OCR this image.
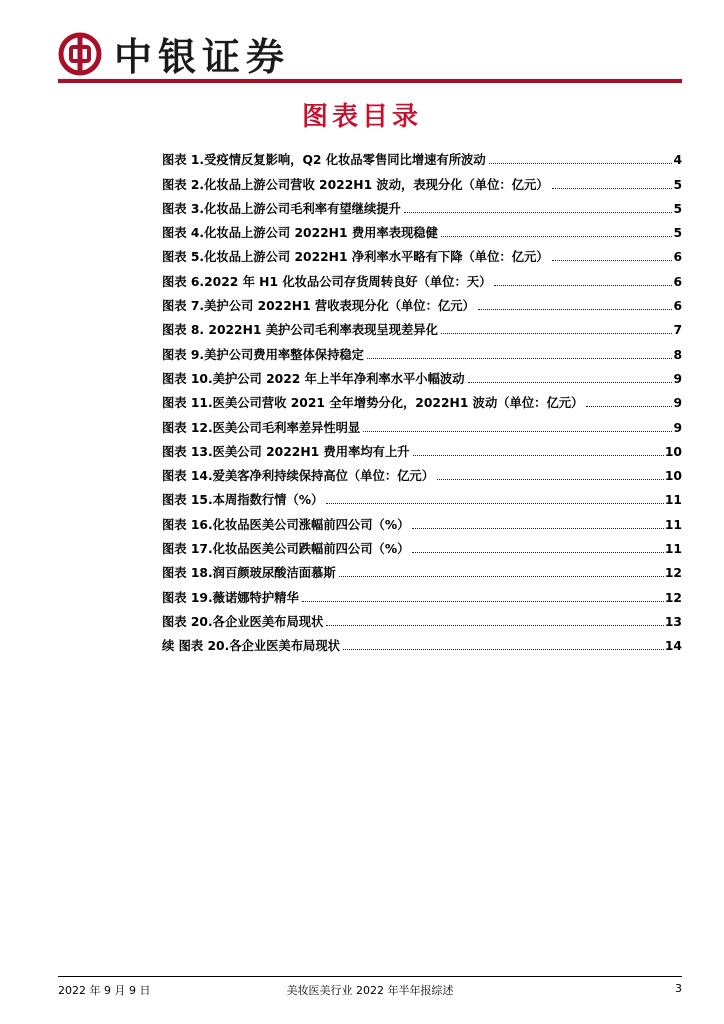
中银证券
图表目录
图表 1.受疫情反复影响，Q2 化妆品零售同比增速有所波动	4
图表 2.化妆品上游公司营收 2022H1 波动，表现分化（单位：亿元）	5
图表 3.化妆品上游公司毛利率有望继续提升	5
图表 4.化妆品上游公司 2022H1 费用率表现稳健	5
图表 5.化妆品上游公司 2022H1 净利率水平略有下降（单位：亿元）	6
图表 6.2022 年 H1 化妆品公司存货周转良好（单位：天）	6
图表 7.美护公司 2022H1 营收表现分化（单位：亿元）	6
图表 8. 2022H1 美护公司毛利率表现呈现差异化	7
图表 9.美护公司费用率整体保持稳定	8
图表 10.美护公司 2022 年上半年净利率水平小幅波动	9
图表 11.医美公司营收 2021 全年增势分化，2022H1 波动（单位：亿元）	9
图表 12.医美公司毛利率差异性明显	9
图表 13.医美公司 2022H1 费用率均有上升	10
图表 14.爱美客净利持续保持高位（单位：亿元）	10
图表 15.本周指数行情（%）	11
图表 16.化妆品医美公司涨幅前四公司（%）	11
图表 17.化妆品医美公司跌幅前四公司（%）	11
图表 18.润百颜玻尿酸洁面慕斯	12
图表 19.薇诺娜特护精华	12
图表 20.各企业医美布局现状	13
续 图表 20.各企业医美布局现状	14
2022 年 9 月 9 日	美妆医美行业 2022 年半年报综述	3
